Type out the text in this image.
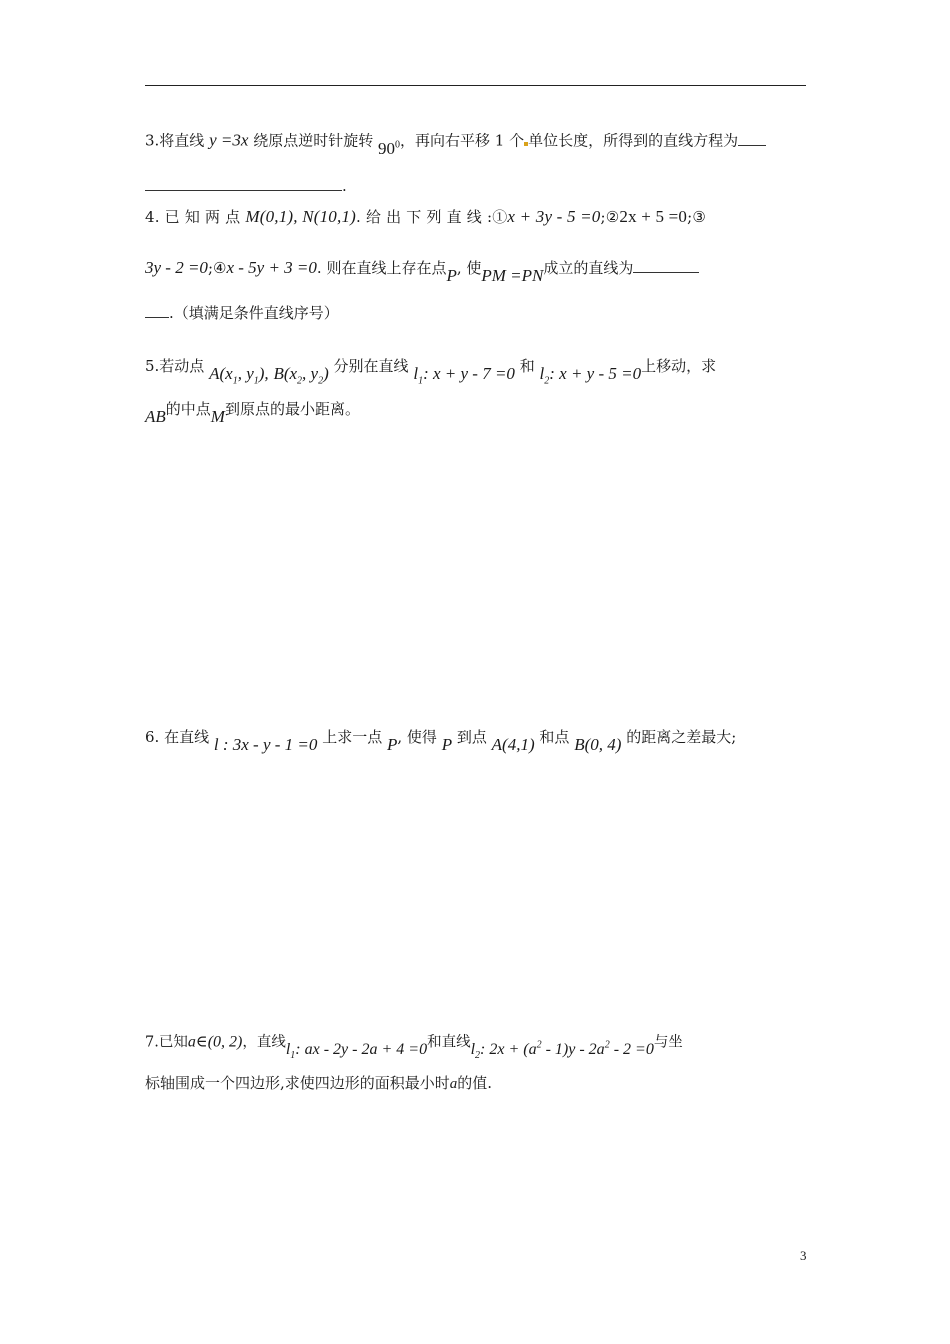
3.将直线 y =3x 绕原点逆时针旋转 $90^0$，再向右平移 1 个 单位长度，所得到的直线方程为
.
4. 已 知 两 点 M(0,1), N(10,1). 给 出 下 列 直 线 :①x + 3y - 5 =0;②2x + 5 =0;③
3y - 2 =0;④x - 5y + 3 =0. 则在直线上存在点P, 使PM =PN成立的直线为
.（填满足条件直线序号）
5.若动点 $A(x_1$, $y_1$), $B(x_2$, $y_2$) 分别在直线 $l_1$: x + y - 7 =0 和 $l_2$: x + y - 5 =0上移动，求
AB的中点M到原点的最小距离。
6. 在直线 l : 3x - y - 1 =0 上求一点 P, 使得 P 到点 A(4,1) 和点 B(0, 4) 的距离之差最大;
7.已知a∈(0, 2)，直线$l_1$: ax - 2y - 2a + 4 =0和直线$l_2$: $2x + (a^2 - 1)y - 2a^2 - 2 =0$与坐
标轴围成一个四边形,求使四边形的面积最小时a的值.
3
